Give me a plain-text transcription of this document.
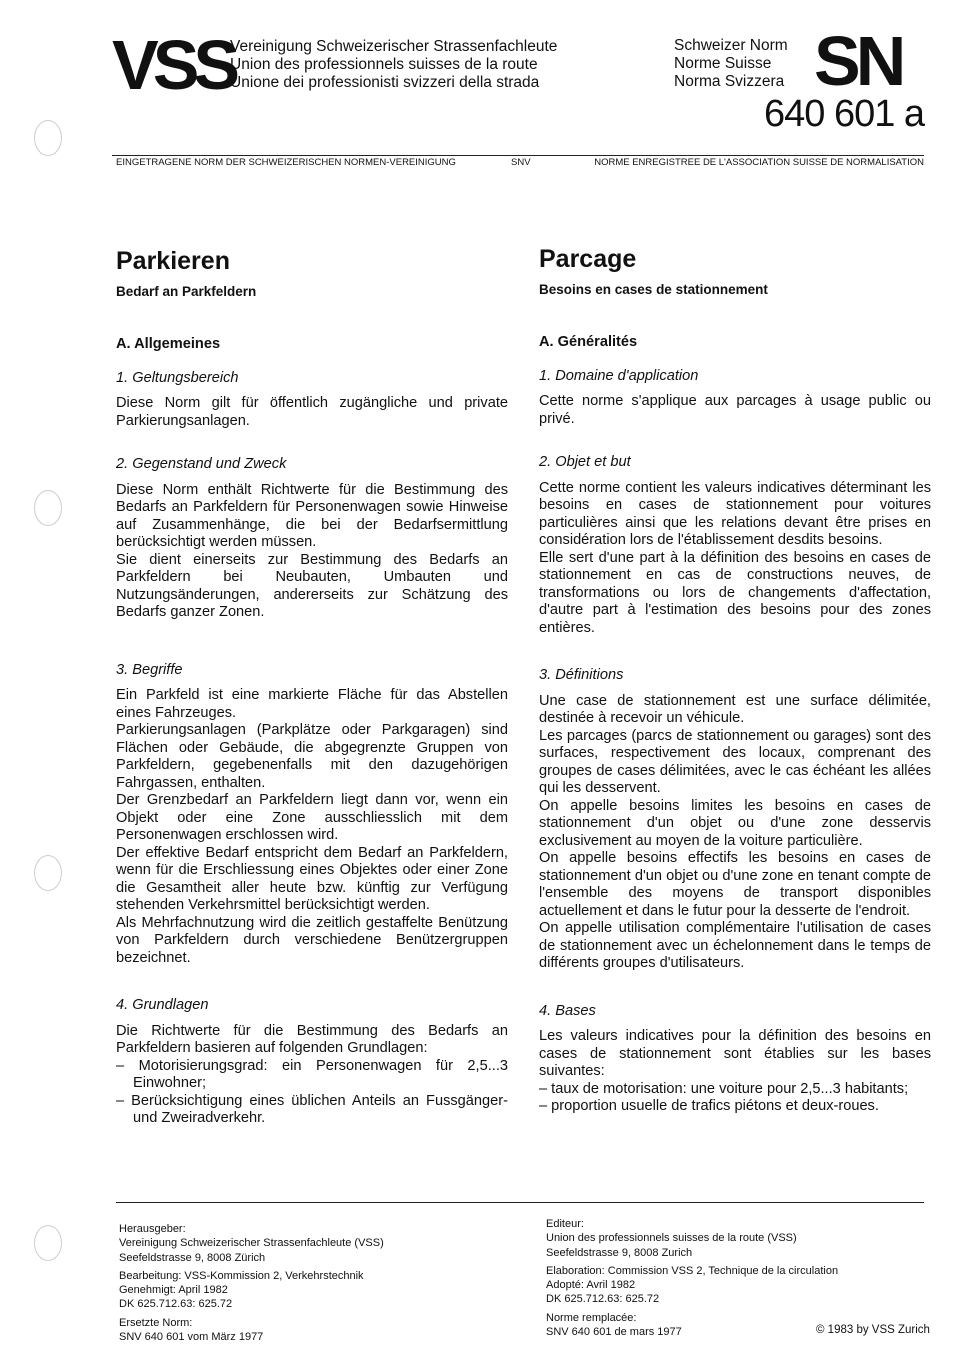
VSS
Vereinigung Schweizerischer Strassenfachleute
Union des professionnels suisses de la route
Unione dei professionisti svizzeri della strada
Schweizer Norm
Norme Suisse
Norma Svizzera SN
640 601 a
EINGETRAGENE NORM DER SCHWEIZERISCHEN NORMEN-VEREINIGUNG	SNV	NORME ENREGISTREE DE L'ASSOCIATION SUISSE DE NORMALISATION
Parkieren
Bedarf an Parkfeldern
A. Allgemeines
1. Geltungsbereich

Diese Norm gilt für öffentlich zugängliche und private Parkierungsanlagen.

2. Gegenstand und Zweck

Diese Norm enthält Richtwerte für die Bestimmung des Bedarfs an Parkfeldern für Personenwagen sowie Hinweise auf Zusammenhänge, die bei der Bedarfsermittlung berücksichtigt werden müssen.

Sie dient einerseits zur Bestimmung des Bedarfs an Parkfeldern bei Neubauten, Umbauten und Nutzungsänderungen, andererseits zur Schätzung des Bedarfs ganzer Zonen.

3. Begriffe

Ein Parkfeld ist eine markierte Fläche für das Abstellen eines Fahrzeuges.

Parkierungsanlagen (Parkplätze oder Parkgaragen) sind Flächen oder Gebäude, die abgegrenzte Gruppen von Parkfeldern, gegebenenfalls mit den dazugehörigen Fahrgassen, enthalten.

Der Grenzbedarf an Parkfeldern liegt dann vor, wenn ein Objekt oder eine Zone ausschliesslich mit dem Personenwagen erschlossen wird.

Der effektive Bedarf entspricht dem Bedarf an Parkfeldern, wenn für die Erschliessung eines Objektes oder einer Zone die Gesamtheit aller heute bzw. künftig zur Verfügung stehenden Verkehrsmittel berücksichtigt werden.

Als Mehrfachnutzung wird die zeitlich gestaffelte Benützung von Parkfeldern durch verschiedene Benützergruppen bezeichnet.

4. Grundlagen

Die Richtwerte für die Bestimmung des Bedarfs an Parkfeldern basieren auf folgenden Grundlagen:

– Motorisierungsgrad: ein Personenwagen für 2,5...3 Einwohner;
– Berücksichtigung eines üblichen Anteils an Fussgänger- und Zweiradverkehr.
Parcage
Besoins en cases de stationnement
A. Généralités
1. Domaine d'application

Cette norme s'applique aux parcages à usage public ou privé.

2. Objet et but

Cette norme contient les valeurs indicatives déterminant les besoins en cases de stationnement pour voitures particulières ainsi que les relations devant être prises en considération lors de l'établissement desdits besoins.

Elle sert d'une part à la définition des besoins en cases de stationnement en cas de constructions neuves, de transformations ou lors de changements d'affectation, d'autre part à l'estimation des besoins pour des zones entières.

3. Définitions

Une case de stationnement est une surface délimitée, destinée à recevoir un véhicule.

Les parcages (parcs de stationnement ou garages) sont des surfaces, respectivement des locaux, comprenant des groupes de cases délimitées, avec le cas échéant les allées qui les desservent.

On appelle besoins limites les besoins en cases de stationnement d'un objet ou d'une zone desservis exclusivement au moyen de la voiture particulière.

On appelle besoins effectifs les besoins en cases de stationnement d'un objet ou d'une zone en tenant compte de l'ensemble des moyens de transport disponibles actuellement et dans le futur pour la desserte de l'endroit.

On appelle utilisation complémentaire l'utilisation de cases de stationnement avec un échelonnement dans le temps de différents groupes d'utilisateurs.

4. Bases

Les valeurs indicatives pour la définition des besoins en cases de stationnement sont établies sur les bases suivantes:

– taux de motorisation: une voiture pour 2,5...3 habitants;
– proportion usuelle de trafics piétons et deux-roues.
Herausgeber:
Vereinigung Schweizerischer Strassenfachleute (VSS)
Seefeldstrasse 9, 8008 Zürich
Bearbeitung: VSS-Kommission 2, Verkehrstechnik
Genehmigt: April 1982
DK 625.712.63: 625.72
Ersetzte Norm:
SNV 640 601 vom März 1977
Editeur:
Union des professionnels suisses de la route (VSS)
Seefeldstrasse 9, 8008 Zurich
Elaboration: Commission VSS 2, Technique de la circulation
Adopté: Avril 1982
DK 625.712.63: 625.72
Norme remplacée:
SNV 640 601 de mars 1977	© 1983 by VSS Zurich
